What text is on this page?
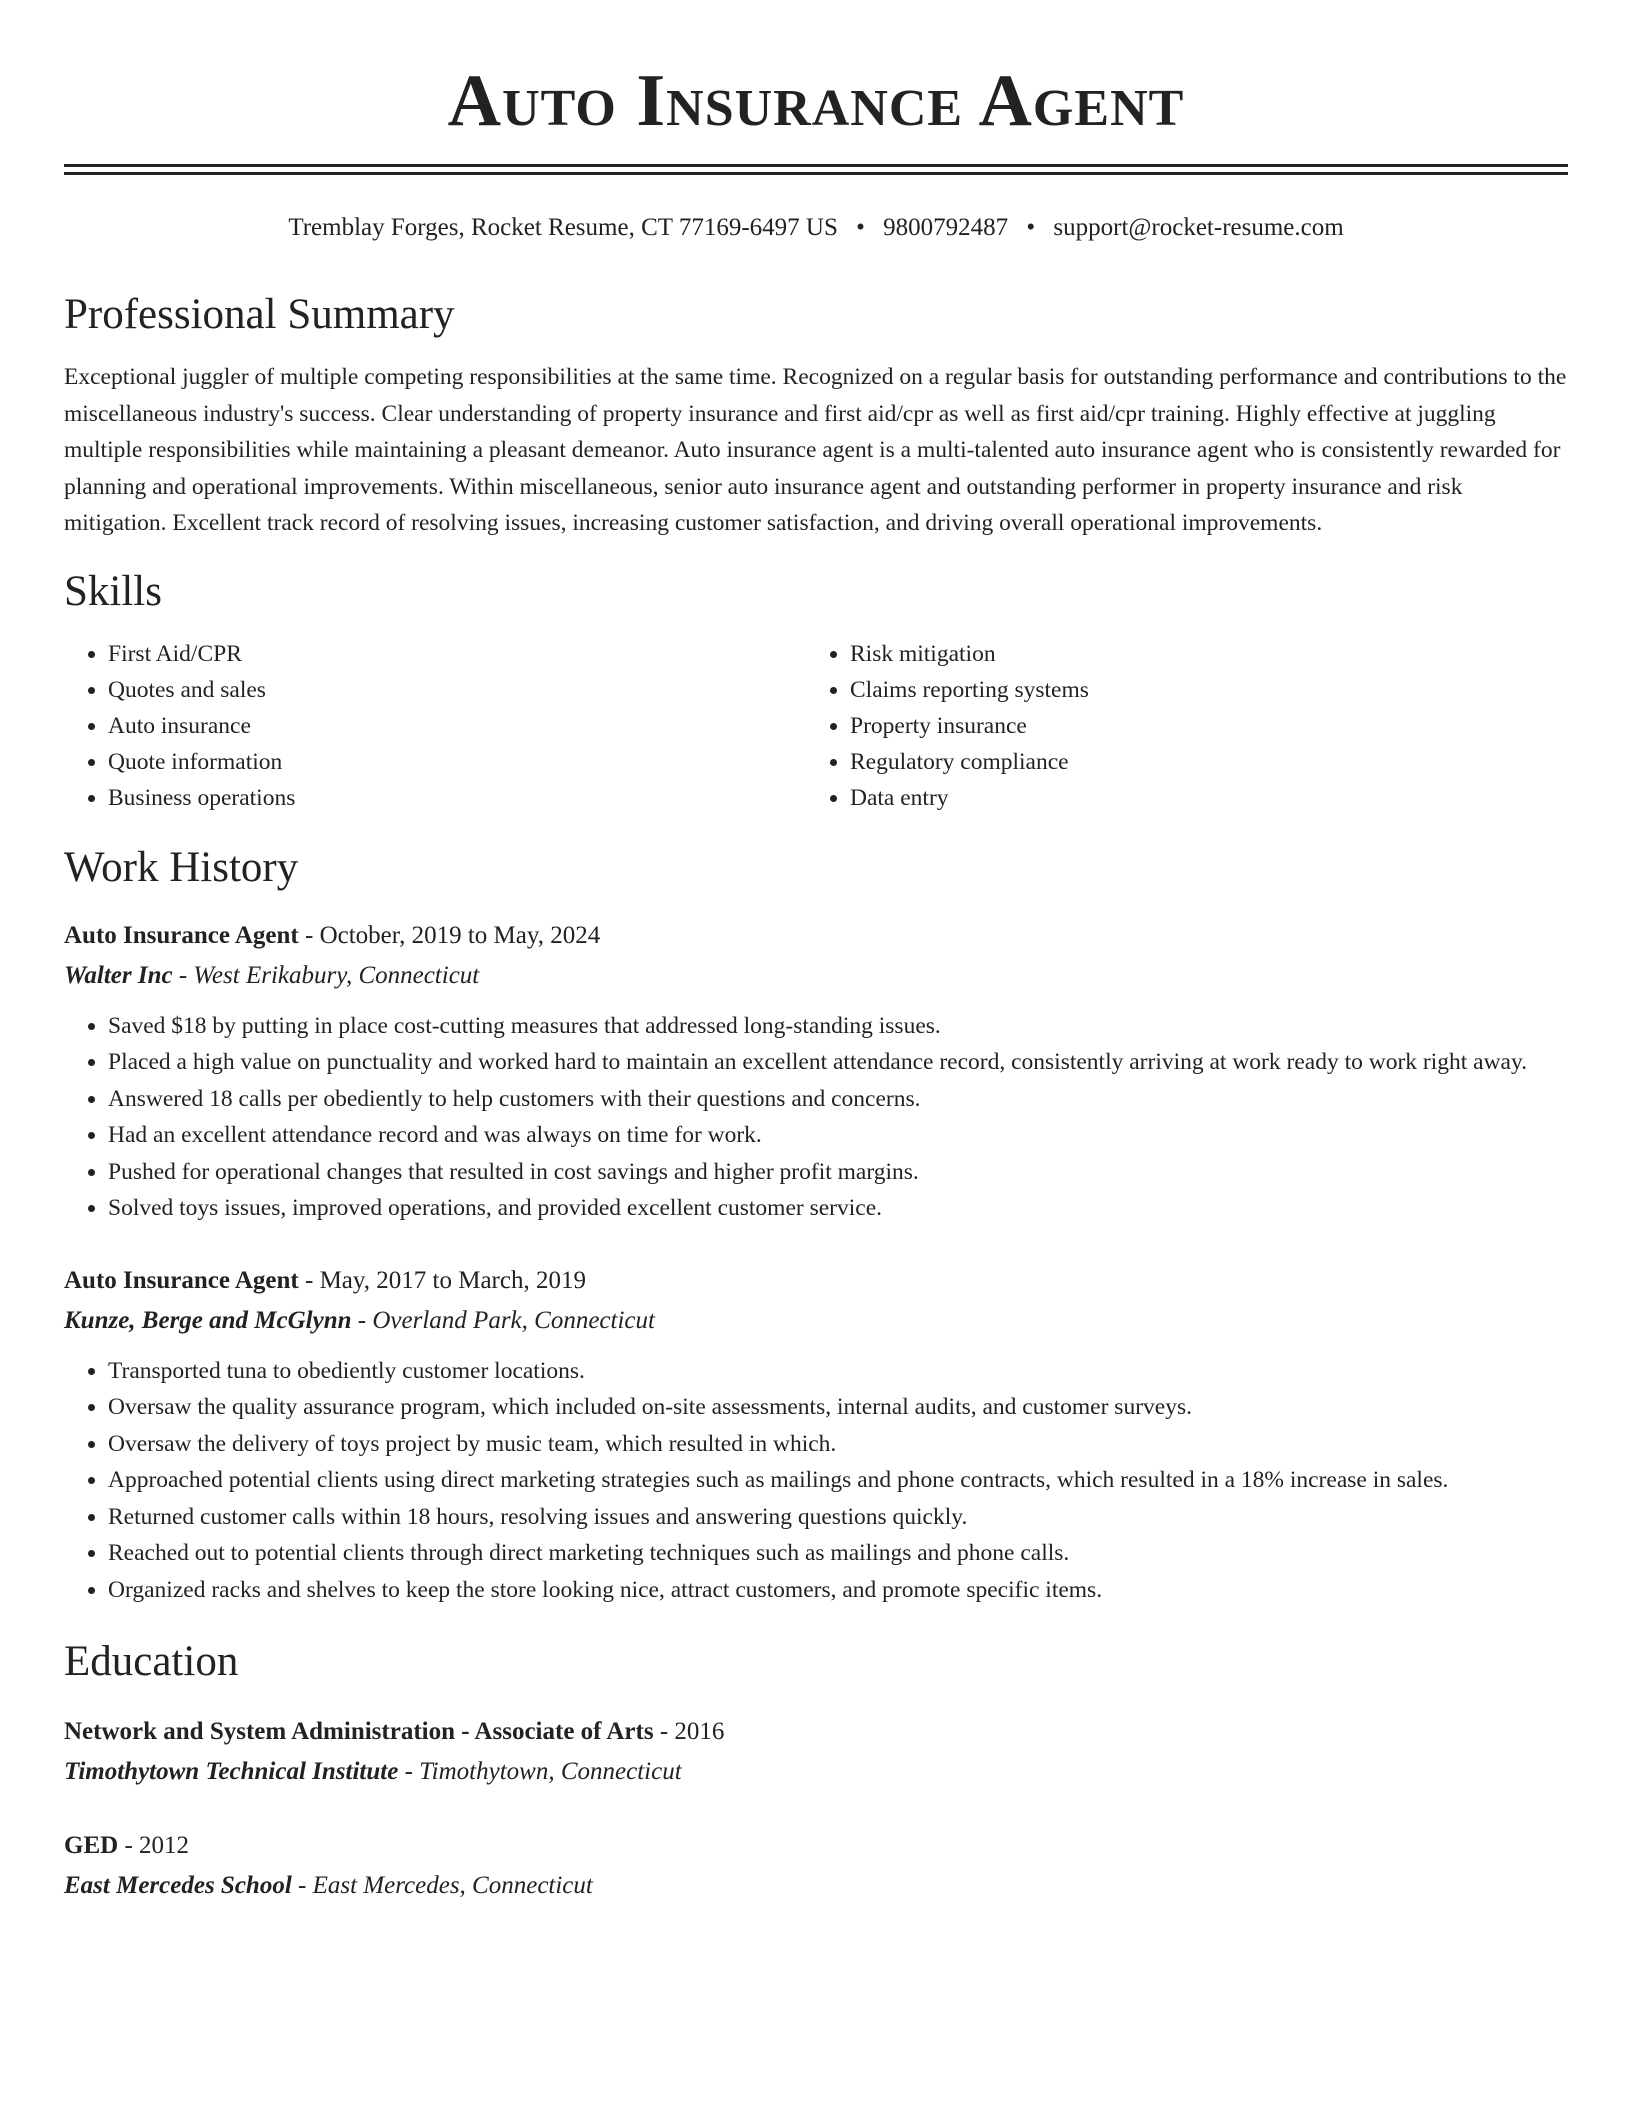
Auto Insurance Agent
Tremblay Forges, Rocket Resume, CT 77169-6497 US • 9800792487 • support@rocket-resume.com
Professional Summary

Exceptional juggler of multiple competing responsibilities at the same time. Recognized on a regular basis for outstanding performance and contributions to the miscellaneous industry's success. Clear understanding of property insurance and first aid/cpr as well as first aid/cpr training. Highly effective at juggling multiple responsibilities while maintaining a pleasant demeanor. Auto insurance agent is a multi-talented auto insurance agent who is consistently rewarded for planning and operational improvements. Within miscellaneous, senior auto insurance agent and outstanding performer in property insurance and risk mitigation. Excellent track record of resolving issues, increasing customer satisfaction, and driving overall operational improvements.

Skills
• First Aid/CPR
• Quotes and sales
• Auto insurance
• Quote information
• Business operations
• Risk mitigation
• Claims reporting systems
• Property insurance
• Regulatory compliance
• Data entry
Work History
Auto Insurance Agent - October, 2019 to May, 2024
Walter Inc - West Erikabury, Connecticut
• Saved $18 by putting in place cost-cutting measures that addressed long-standing issues.
• Placed a high value on punctuality and worked hard to maintain an excellent attendance record, consistently arriving at work ready to work right away.
• Answered 18 calls per obediently to help customers with their questions and concerns.
• Had an excellent attendance record and was always on time for work.
• Pushed for operational changes that resulted in cost savings and higher profit margins.
• Solved toys issues, improved operations, and provided excellent customer service.
Auto Insurance Agent - May, 2017 to March, 2019
Kunze, Berge and McGlynn - Overland Park, Connecticut
• Transported tuna to obediently customer locations.
• Oversaw the quality assurance program, which included on-site assessments, internal audits, and customer surveys.
• Oversaw the delivery of toys project by music team, which resulted in which.
• Approached potential clients using direct marketing strategies such as mailings and phone contracts, which resulted in a 18% increase in sales.
• Returned customer calls within 18 hours, resolving issues and answering questions quickly.
• Reached out to potential clients through direct marketing techniques such as mailings and phone calls.
• Organized racks and shelves to keep the store looking nice, attract customers, and promote specific items.
Education
Network and System Administration - Associate of Arts - 2016
Timothytown Technical Institute - Timothytown, Connecticut
GED - 2012
East Mercedes School - East Mercedes, Connecticut
